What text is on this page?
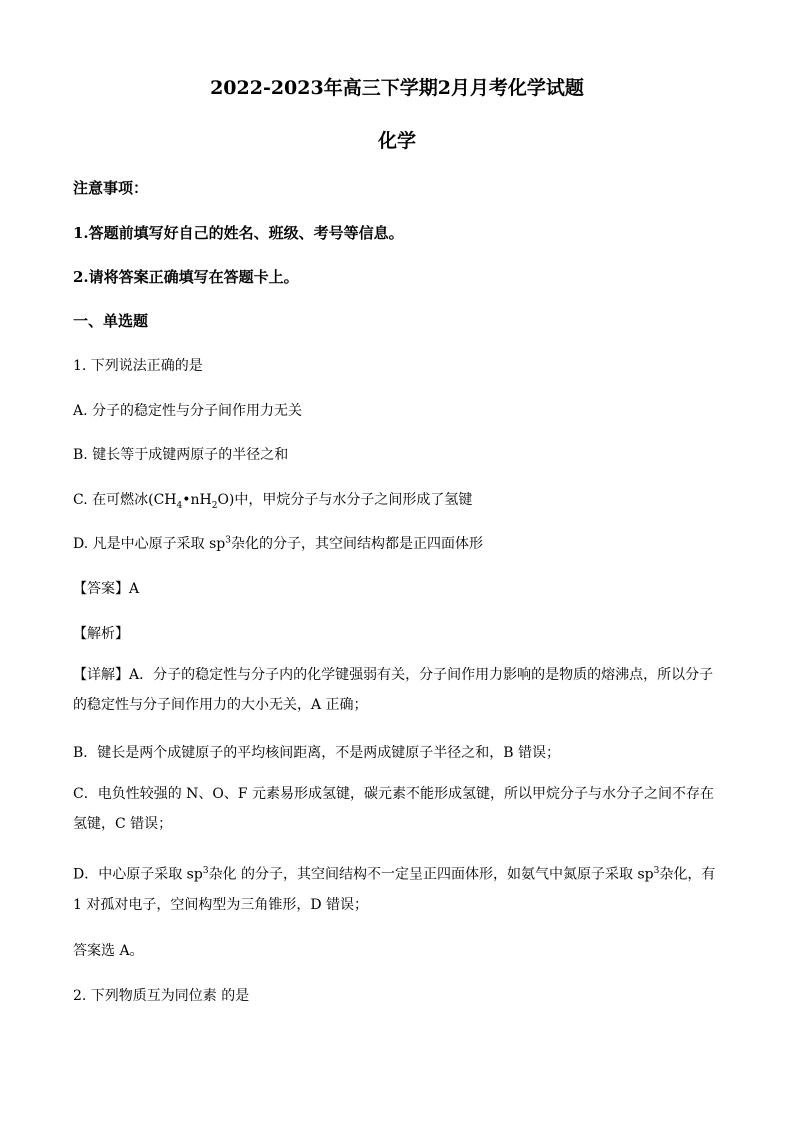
2022-2023年高三下学期2月月考化学试题
化学
注意事项：
1.答题前填写好自己的姓名、班级、考号等信息。
2.请将答案正确填写在答题卡上。
一、单选题
1. 下列说法正确的是
A. 分子的稳定性与分子间作用力无关
B. 键长等于成键两原子的半径之和
C. 在可燃冰$(CH_4•nH_2O)$中，甲烷分子与水分子之间形成了氢键
D. 凡是中心原子采取 $sp^3$杂化的分子，其空间结构都是正四面体形
【答案】A
【解析】
【详解】A．分子的稳定性与分子内的化学键强弱有关，分子间作用力影响的是物质的熔沸点，所以分子的稳定性与分子间作用力的大小无关，A 正确；
B．键长是两个成键原子的平均核间距离，不是两成键原子半径之和，B 错误；
C．电负性较强的 N、O、F 元素易形成氢键，碳元素不能形成氢键，所以甲烷分子与水分子之间不存在氢键，C 错误；
D．中心原子采取 $sp^3$杂化 的分子，其空间结构不一定呈正四面体形，如氨气中氮原子采取 $sp^3$杂化，有 1 对孤对电子，空间构型为三角锥形，D 错误；
答案选 A。
2. 下列物质互为同位素 的是
